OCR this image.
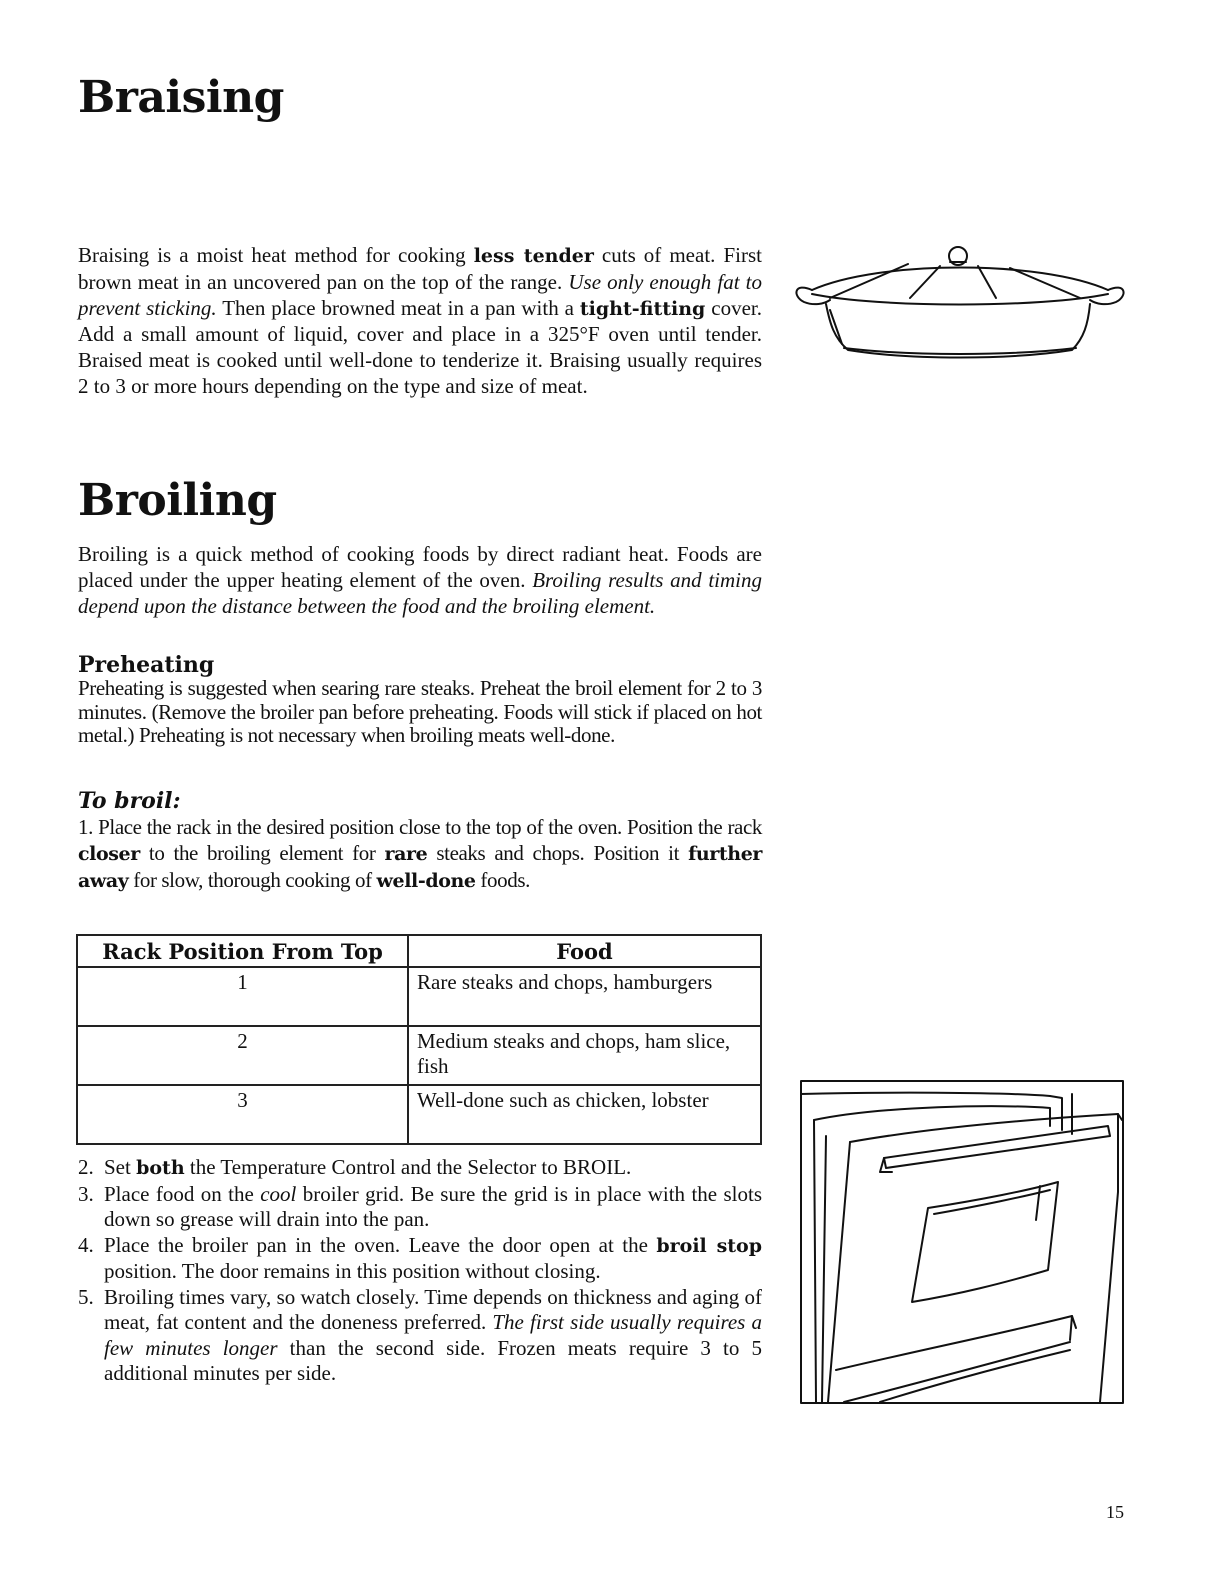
Braising

Braising is a moist heat method for cooking less tender cuts of meat. First brown meat in an uncovered pan on the top of the range. Use only enough fat to prevent sticking. Then place browned meat in a pan with a tight-fitting cover. Add a small amount of liquid, cover and place in a 325°F oven until tender. Braised meat is cooked until well-done to tenderize it. Braising usually requires 2 to 3 or more hours depending on the type and size of meat.

Broiling

Broiling is a quick method of cooking foods by direct radiant heat. Foods are placed under the upper heating element of the oven. Broiling results and timing depend upon the distance between the food and the broiling element.

Preheating

Preheating is suggested when searing rare steaks. Preheat the broil element for 2 to 3 minutes. (Remove the broiler pan before preheating. Foods will stick if placed on hot metal.) Preheating is not necessary when broiling meats well-done.

To broil:

1. Place the rack in the desired position close to the top of the oven. Position the rack closer to the broiling element for rare steaks and chops. Position it further away for slow, thorough cooking of well-done foods.

Rack Position From Top	Food
1	Rare steaks and chops, hamburgers
2	Medium steaks and chops, ham slice, fish
3	Well-done such as chicken, lobster
2. Set both the Temperature Control and the Selector to BROIL.
3. Place food on the cool broiler grid. Be sure the grid is in place with the slots down so grease will drain into the pan.
4. Place the broiler pan in the oven. Leave the door open at the broil stop position. The door remains in this position without closing.
5. Broiling times vary, so watch closely. Time depends on thickness and aging of meat, fat content and the doneness preferred. The first side usually requires a few minutes longer than the second side. Frozen meats require 3 to 5 additional minutes per side.
15
